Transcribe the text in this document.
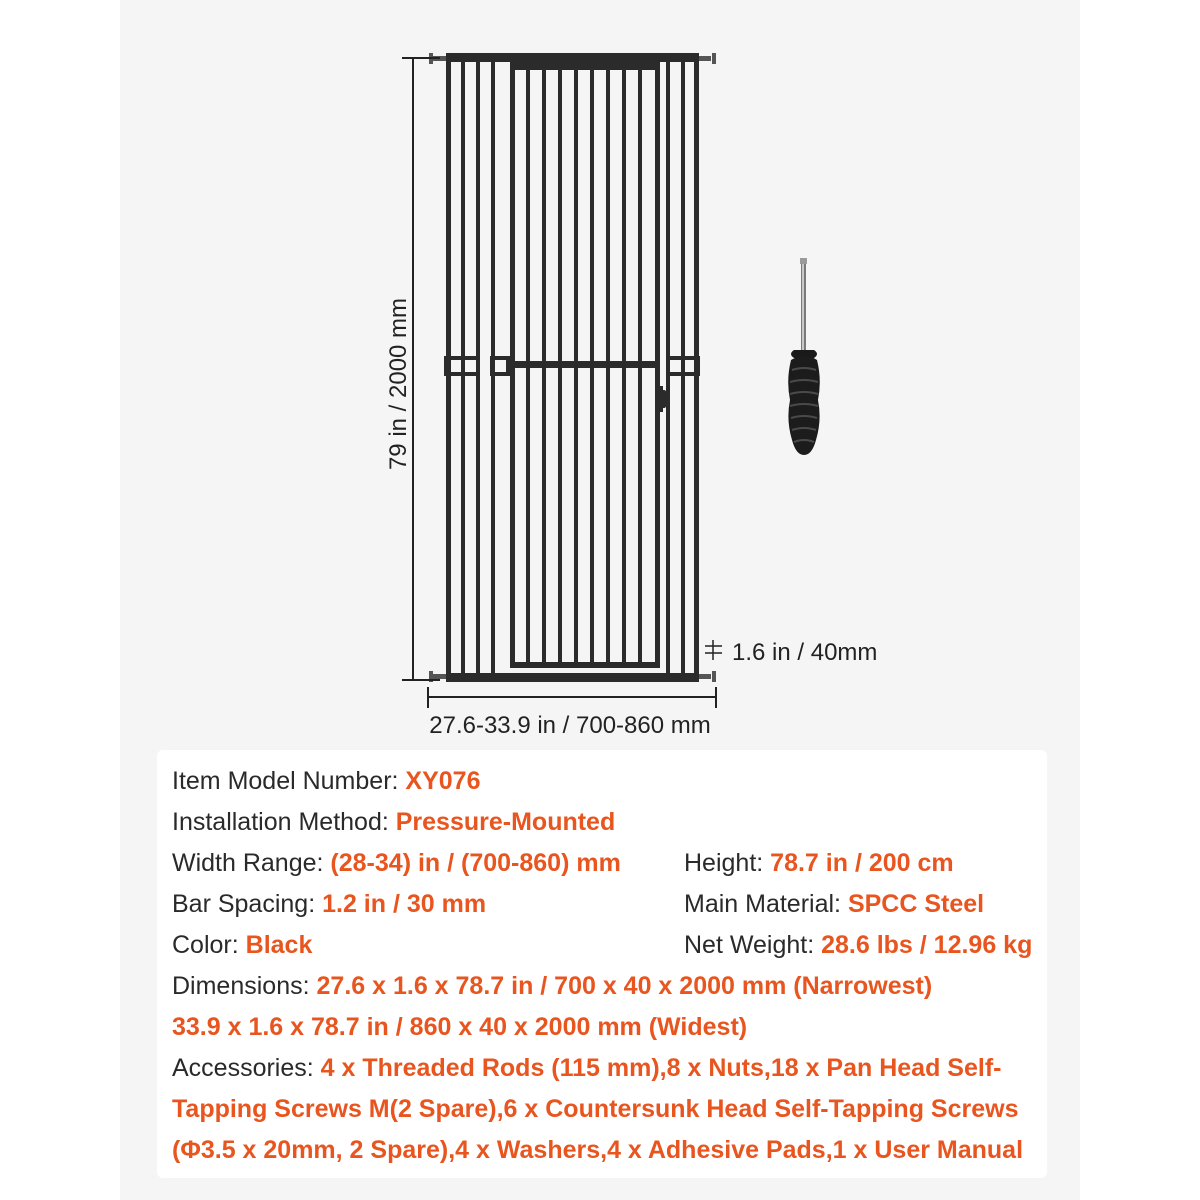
79 in / 2000 mm
27.6-33.9 in / 700-860 mm
1.6 in / 40mm
Item Model Number: XY076
Installation Method: Pressure-Mounted
Width Range: (28-34) in / (700-860) mm	Height: 78.7 in / 200 cm
Bar Spacing: 1.2 in / 30 mm	Main Material: SPCC Steel
Color: Black	Net Weight: 28.6 lbs / 12.96 kg
Dimensions: 27.6 x 1.6 x 78.7 in / 700 x 40 x 2000 mm (Narrowest)
33.9 x 1.6 x 78.7 in / 860 x 40 x 2000 mm (Widest)
Accessories: 4 x Threaded Rods (115 mm),8 x Nuts,18 x Pan Head Self-
Tapping Screws M(2 Spare),6 x Countersunk Head Self-Tapping Screws
(Φ3.5 x 20mm, 2 Spare),4 x Washers,4 x Adhesive Pads,1 x User Manual
